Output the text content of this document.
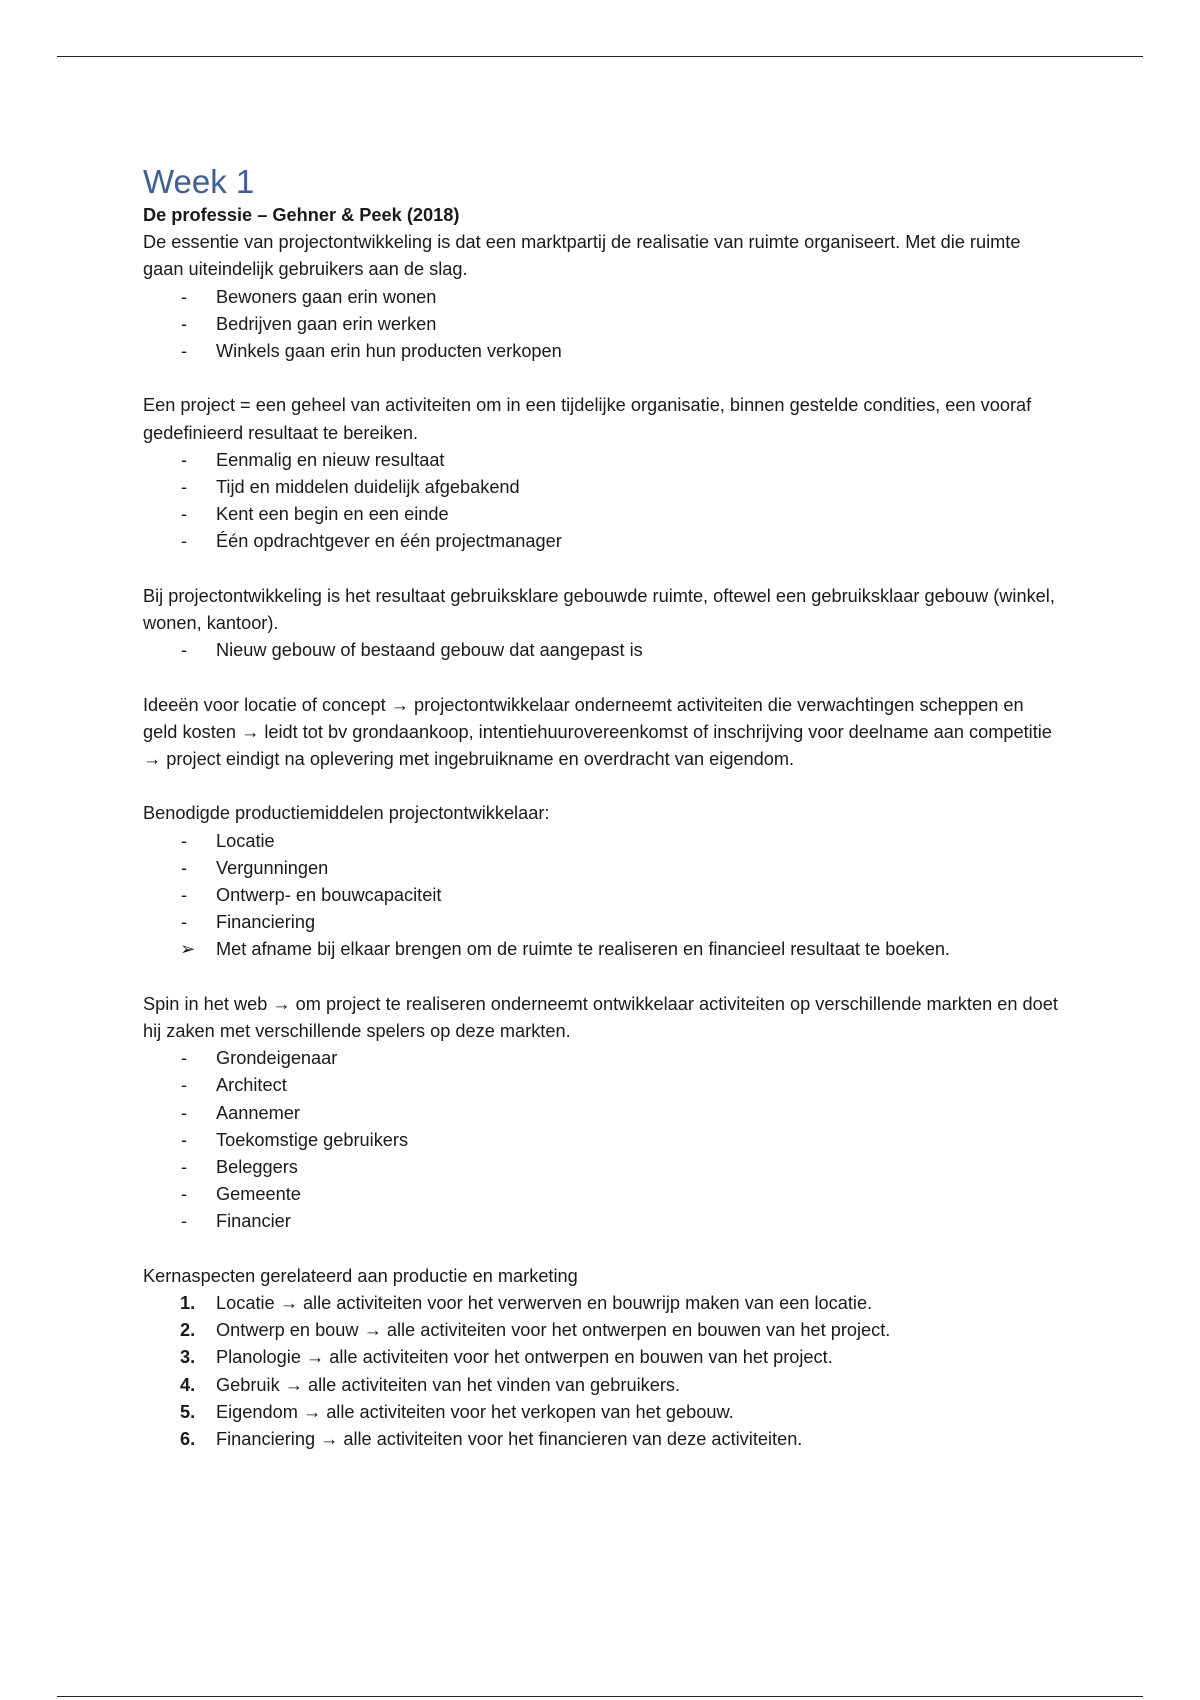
Week 1

De professie – Gehner & Peek (2018)

De essentie van projectontwikkeling is dat een marktpartij de realisatie van ruimte organiseert. Met die ruimte gaan uiteindelijk gebruikers aan de slag.

- Bewoners gaan erin wonen
- Bedrijven gaan erin werken
- Winkels gaan erin hun producten verkopen

Een project = een geheel van activiteiten om in een tijdelijke organisatie, binnen gestelde condities, een vooraf gedefinieerd resultaat te bereiken.

- Eenmalig en nieuw resultaat
- Tijd en middelen duidelijk afgebakend
- Kent een begin en een einde
- Één opdrachtgever en één projectmanager

Bij projectontwikkeling is het resultaat gebruiksklare gebouwde ruimte, oftewel een gebruiksklaar gebouw (winkel, wonen, kantoor).

- Nieuw gebouw of bestaand gebouw dat aangepast is

Ideeën voor locatie of concept → projectontwikkelaar onderneemt activiteiten die verwachtingen scheppen en geld kosten → leidt tot bv grondaankoop, intentiehuurovereenkomst of inschrijving voor deelname aan competitie → project eindigt na oplevering met ingebruikname en overdracht van eigendom.

Benodigde productiemiddelen projectontwikkelaar:

- Locatie
- Vergunningen
- Ontwerp- en bouwcapaciteit
- Financiering
➢ Met afname bij elkaar brengen om de ruimte te realiseren en financieel resultaat te boeken.

Spin in het web → om project te realiseren onderneemt ontwikkelaar activiteiten op verschillende markten en doet hij zaken met verschillende spelers op deze markten.

- Grondeigenaar
- Architect
- Aannemer
- Toekomstige gebruikers
- Beleggers
- Gemeente
- Financier

Kernaspecten gerelateerd aan productie en marketing

1. Locatie → alle activiteiten voor het verwerven en bouwrijp maken van een locatie.
2. Ontwerp en bouw → alle activiteiten voor het ontwerpen en bouwen van het project.
3. Planologie → alle activiteiten voor het ontwerpen en bouwen van het project.
4. Gebruik → alle activiteiten van het vinden van gebruikers.
5. Eigendom → alle activiteiten voor het verkopen van het gebouw.
6. Financiering → alle activiteiten voor het financieren van deze activiteiten.
